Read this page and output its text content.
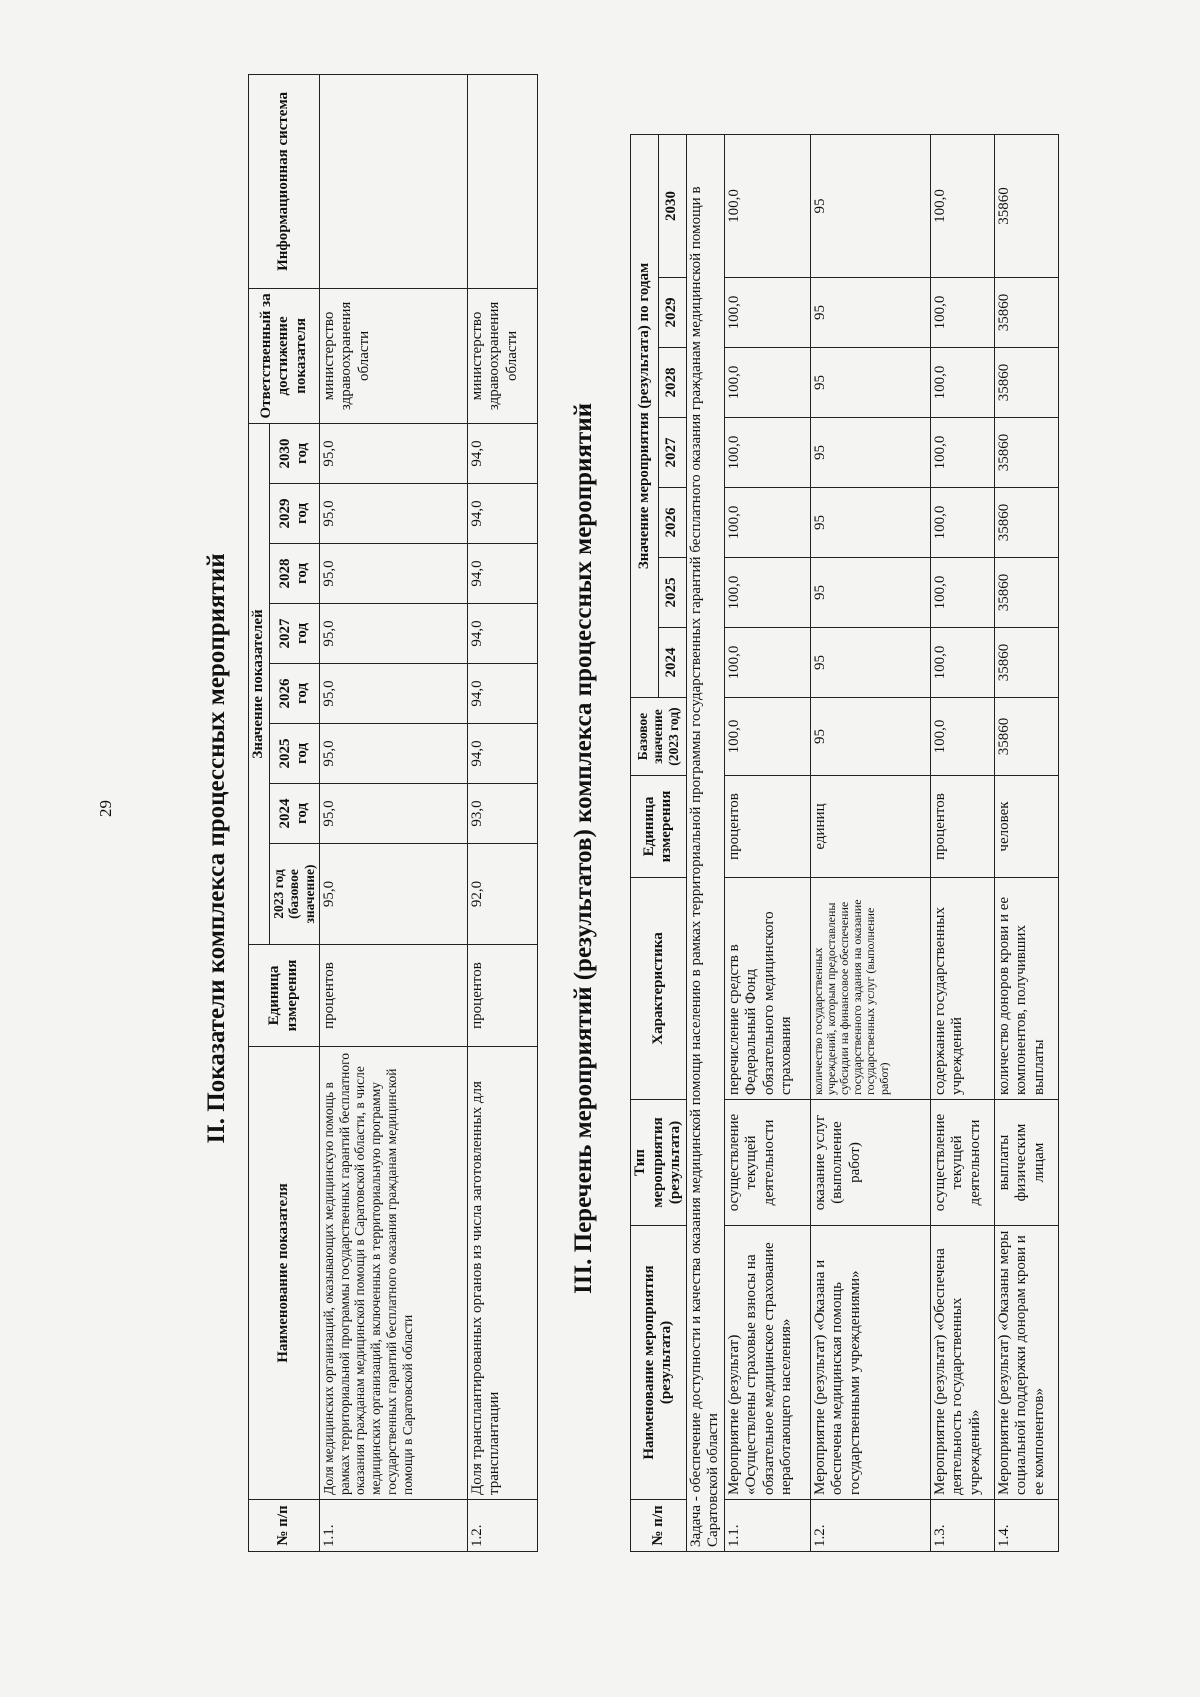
29	II. Показатели комплекса процессных мероприятий
№ п/п	Наименование показателя	Единица измерения	Значение показателей								Ответственный за достижение показателя	Информационная система
			2023 год (базовое значение)	2024 год	2025 год	2026 год	2027 год	2028 год	2029 год	2030 год		
1.1.	Доля медицинских организаций, оказывающих медицинскую помощь в рамках территориальной программы государственных гарантий бесплатного оказания гражданам медицинской помощи в Саратовской области, в числе медицинских организаций, включенных в территориальную программу государственных гарантий бесплатного оказания гражданам медицинской помощи в Саратовской области	процентов	95,0	95,0	95,0	95,0	95,0	95,0	95,0	95,0	министерство здравоохранения области	
1.2.	Доля трансплантированных органов из числа заготовленных для трансплантации	процентов	92,0	93,0	94,0	94,0	94,0	94,0	94,0	94,0	министерство здравоохранения области	
III. Перечень мероприятий (результатов) комплекса процессных мероприятий
№ п/п	Наименование мероприятия (результата)	Тип мероприятия (результата)	Характеристика	Единица измерения	Базовое значение (2023 год)	Значение мероприятия (результата) по годам						
						2024	2025	2026	2027	2028	2029	2030
Задача - обеспечение доступности и качества оказания медицинской помощи населению в рамках территориальной программы государственных гарантий бесплатного оказания гражданам медицинской помощи в Саратовской области												
1.1.	Мероприятие (результат) «Осуществлены страховые взносы на обязательное медицинское страхование неработающего населения»	осуществление текущей деятельности	перечисление средств в Федеральный Фонд обязательного медицинского страхования	процентов	100,0	100,0	100,0	100,0	100,0	100,0	100,0	100,0
1.2.	Мероприятие (результат) «Оказана и обеспечена медицинская помощь государственными учреждениями»	оказание услуг (выполнение работ)	количество государственных учреждений, которым предоставлены субсидии на финансовое обеспечение государственного задания на оказание государственных услуг (выполнение работ)	единиц	95	95	95	95	95	95	95	95
1.3.	Мероприятие (результат) «Обеспечена деятельность государственных учреждений»	осуществление текущей деятельности	содержание государственных учреждений	процентов	100,0	100,0	100,0	100,0	100,0	100,0	100,0	100,0
1.4.	Мероприятие (результат) «Оказаны меры социальной поддержки донорам крови и ее компонентов»	выплаты физическим лицам	количество доноров крови и ее компонентов, получивших выплаты	человек	35860	35860	35860	35860	35860	35860	35860	35860
